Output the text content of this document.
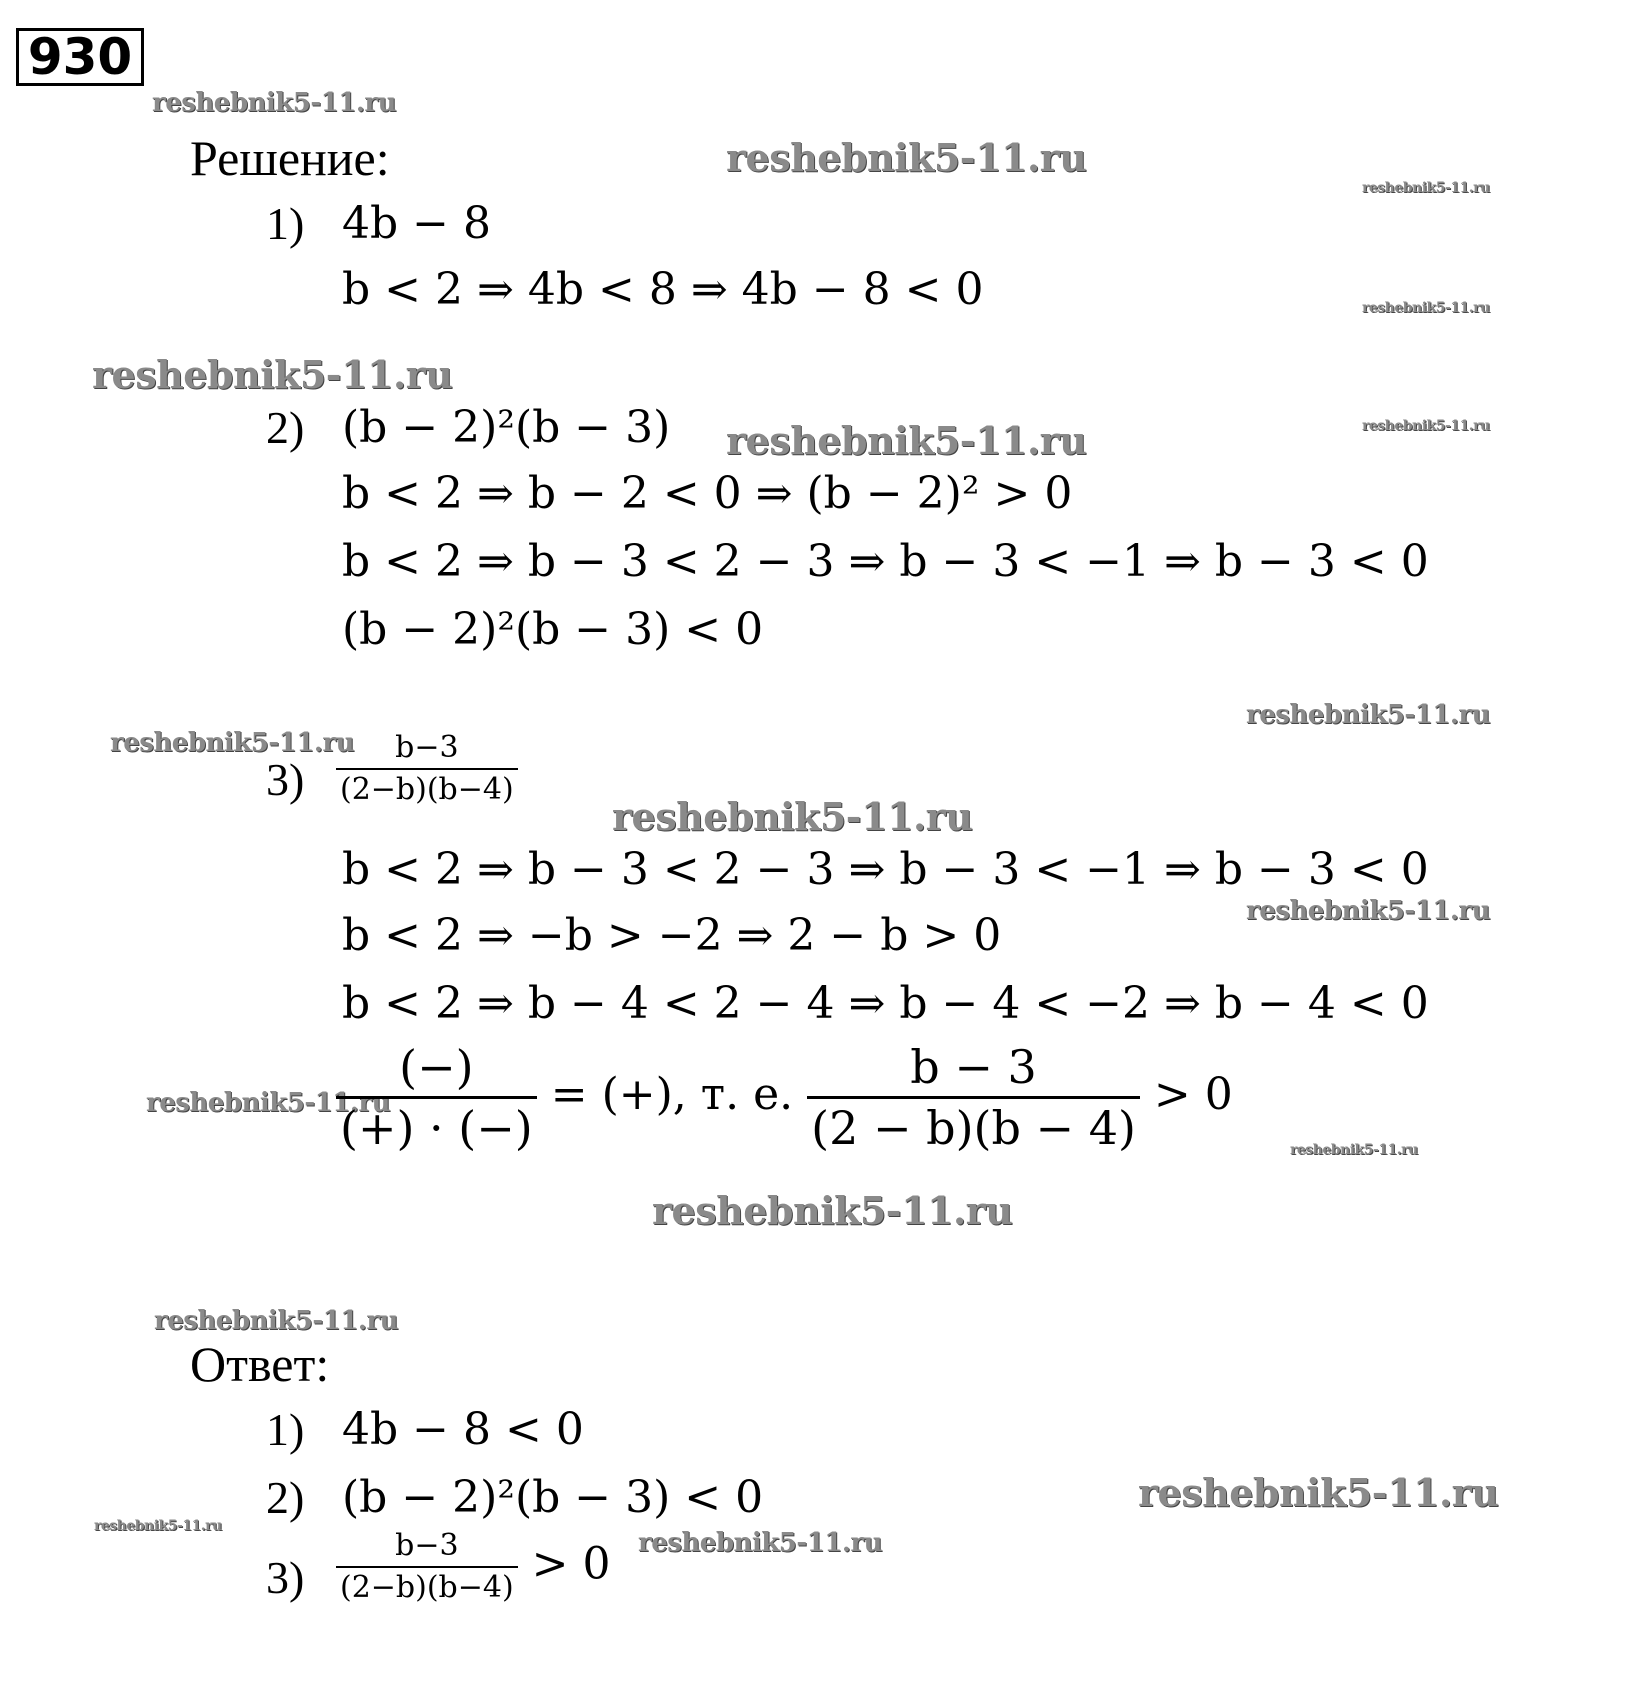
930
reshebnik5-11.ru
reshebnik5-11.ru
reshebnik5-11.ru
reshebnik5-11.ru
reshebnik5-11.ru
reshebnik5-11.ru	reshebnik5-11.ru
reshebnik5-11.ru
reshebnik5-11.ru
reshebnik5-11.ru
reshebnik5-11.ru
reshebnik5-11.ru
reshebnik5-11.ru
reshebnik5-11.ru
reshebnik5-11.ru
reshebnik5-11.ru
reshebnik5-11.ru
reshebnik5-11.ru
Решение:
1) 4b − 8
b < 2 ⇒ 4b < 8 ⇒ 4b − 8 < 0
2) (b − 2)²(b − 3)
b < 2 ⇒ b − 2 < 0 ⇒ (b − 2)² > 0
b < 2 ⇒ b − 3 < 2 − 3 ⇒ b − 3 < −1 ⇒ b − 3 < 0
(b − 2)²(b − 3) < 0
$3) \frac{b-3}{(2-b)(b-4)}$
b < 2 ⇒ b − 3 < 2 − 3 ⇒ b − 3 < −1 ⇒ b − 3 < 0
b < 2 ⇒ −b > −2 ⇒ 2 − b > 0
b < 2 ⇒ b − 4 < 2 − 4 ⇒ b − 4 < −2 ⇒ b − 4 < 0
$\frac{(-)}{(+) \cdot (-)}$ = (+), т. е. $\frac{b - 3}{(2 - b)(b - 4)} > 0$
Ответ:
1) 4b − 8 < 0
2) (b − 2)²(b − 3) < 0
$3) \frac{b-3}{(2-b)(b-4)} > 0$
